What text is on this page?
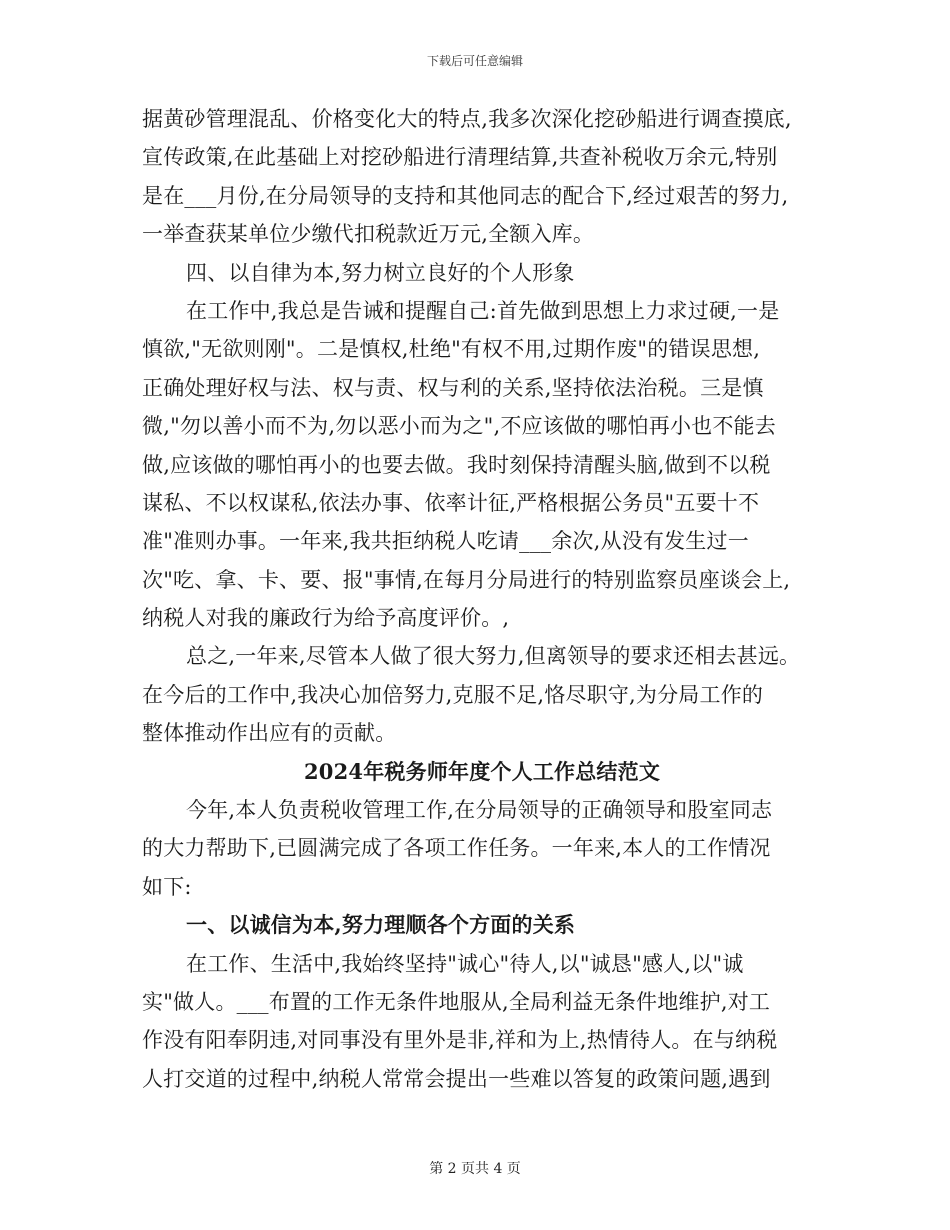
下载后可任意编辑
据黄砂管理混乱、价格变化大的特点,我多次深化挖砂船进行调查摸底,
宣传政策,在此基础上对挖砂船进行清理结算,共查补税收万余元,特别
是在___月份,在分局领导的支持和其他同志的配合下,经过艰苦的努力,
一举查获某单位少缴代扣税款近万元,全额入库。
四、以自律为本,努力树立良好的个人形象
在工作中,我总是告诫和提醒自己:首先做到思想上力求过硬,一是
慎欲,"无欲则刚"。二是慎权,杜绝"有权不用,过期作废"的错误思想,
正确处理好权与法、权与责、权与利的关系,坚持依法治税。三是慎
微,"勿以善小而不为,勿以恶小而为之",不应该做的哪怕再小也不能去
做,应该做的哪怕再小的也要去做。我时刻保持清醒头脑,做到不以税
谋私、不以权谋私,依法办事、依率计征,严格根据公务员"五要十不
准"准则办事。一年来,我共拒纳税人吃请___余次,从没有发生过一
次"吃、拿、卡、要、报"事情,在每月分局进行的特别监察员座谈会上,
纳税人对我的廉政行为给予高度评价。,
总之,一年来,尽管本人做了很大努力,但离领导的要求还相去甚远。
在今后的工作中,我决心加倍努力,克服不足,恪尽职守,为分局工作的
整体推动作出应有的贡献。
2024年税务师年度个人工作总结范文
今年,本人负责税收管理工作,在分局领导的正确领导和股室同志
的大力帮助下,已圆满完成了各项工作任务。一年来,本人的工作情况
如下:
一、以诚信为本,努力理顺各个方面的关系
在工作、生活中,我始终坚持"诚心"待人,以"诚恳"感人,以"诚
实"做人。___布置的工作无条件地服从,全局利益无条件地维护,对工
作没有阳奉阴违,对同事没有里外是非,祥和为上,热情待人。在与纳税
人打交道的过程中,纳税人常常会提出一些难以答复的政策问题,遇到
第 2 页共 4 页
